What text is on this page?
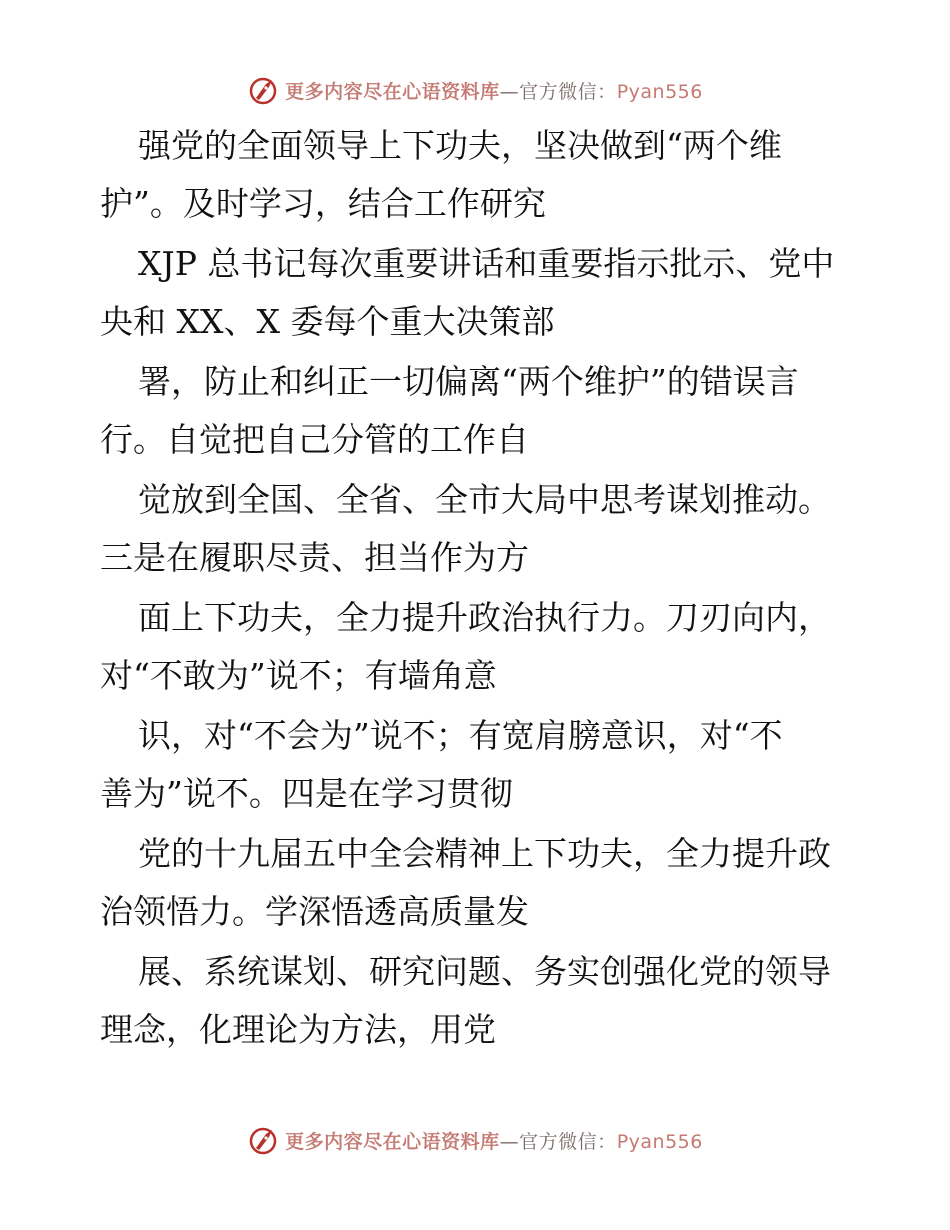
更多内容尽在心语资料库—官方微信：Pyan556
强党的全面领导上下功夫，坚决做到“两个维
护”。及时学习，结合工作研究
XJP 总书记每次重要讲话和重要指示批示、党中
央和 XX、X 委每个重大决策部
署，防止和纠正一切偏离“两个维护”的错误言
行。自觉把自己分管的工作自
觉放到全国、全省、全市大局中思考谋划推动。
三是在履职尽责、担当作为方
面上下功夫，全力提升政治执行力。刀刃向内，
对“不敢为”说不；有墙角意
识，对“不会为”说不；有宽肩膀意识，对“不
善为”说不。四是在学习贯彻
党的十九届五中全会精神上下功夫，全力提升政
治领悟力。学深悟透高质量发
展、系统谋划、研究问题、务实创强化党的领导
理念，化理论为方法，用党
更多内容尽在心语资料库—官方微信：Pyan556
